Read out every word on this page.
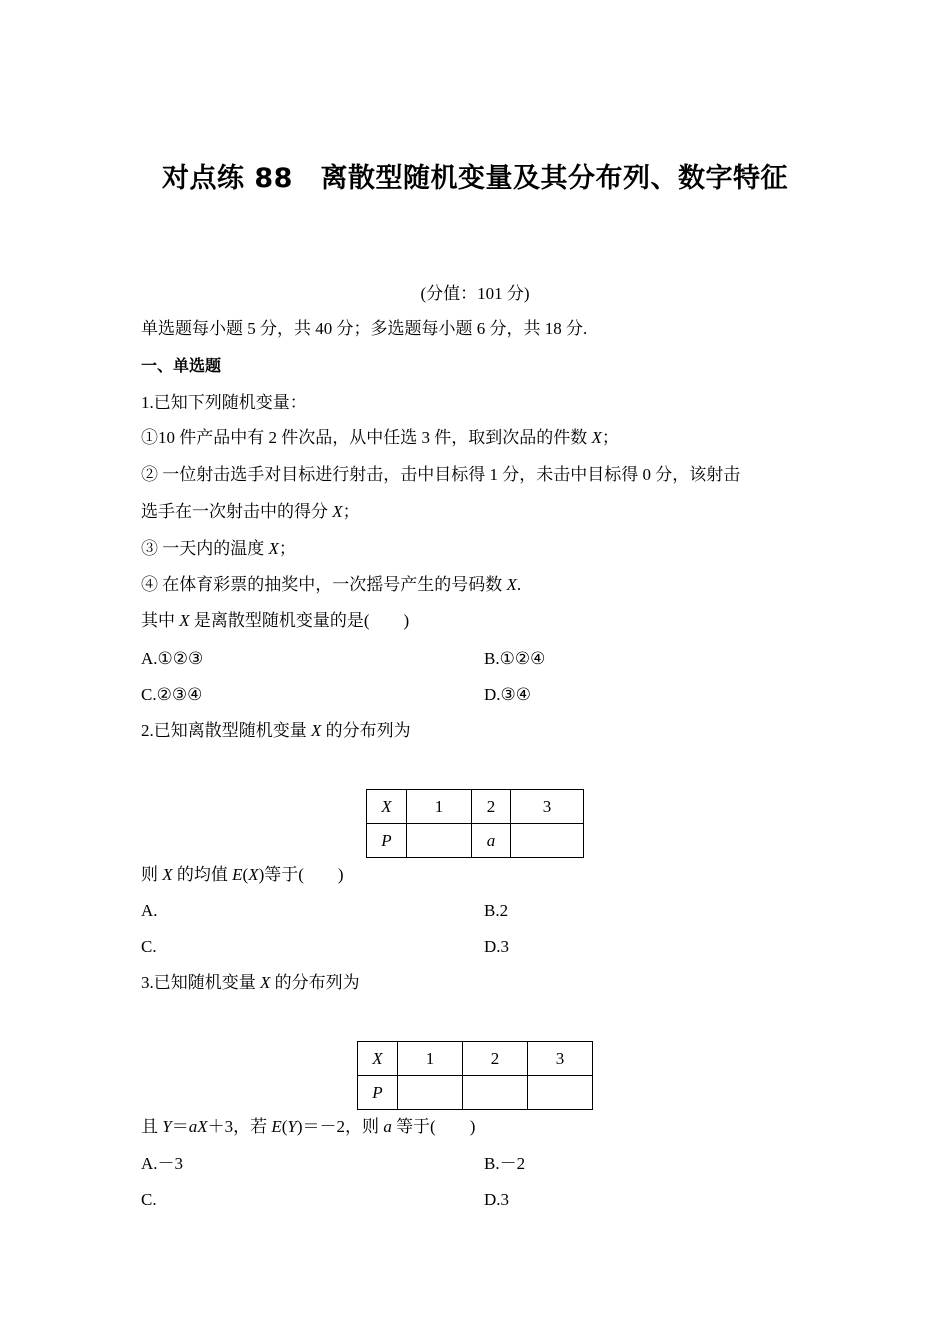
对点练 88　离散型随机变量及其分布列、数字特征
(分值：101 分)
单选题每小题 5 分，共 40 分；多选题每小题 6 分，共 18 分.
一、单选题
1.已知下列随机变量：
①10 件产品中有 2 件次品，从中任选 3 件，取到次品的件数 X；
② 一位射击选手对目标进行射击，击中目标得 1 分，未击中目标得 0 分，该射击
选手在一次射击中的得分 X；
③ 一天内的温度 X；
④ 在体育彩票的抽奖中，一次摇号产生的号码数 X.
其中 X 是离散型随机变量的是(　　)
A.①②③	B.①②④
C.②③④	D.③④
2.已知离散型随机变量 X 的分布列为
X	1	2	3
P		a	
则 X 的均值 E(X)等于(　　)
A.	B.2
C.	D.3
3.已知随机变量 X 的分布列为
X	1	2	3
P			
且 Y＝aX＋3，若 E(Y)＝－2，则 a 等于(　　)
A.－3	B.－2
C.	D.3
